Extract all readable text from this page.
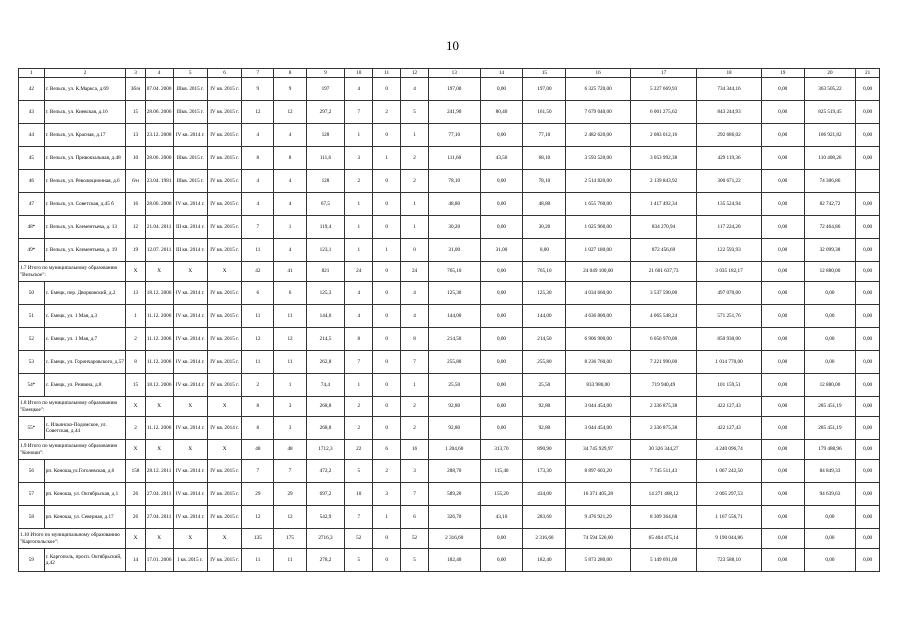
10
1	2	3	4	5	6	7	8	9	10	11	12	13	14	15	16	17	18	19	20	21
42	г. Вельск, ул. К.Маркса, д.69	3б/н	07.04. 2000	IIIкв. 2015 г.	IV кв. 2015 г.	9	9	197	4	0	4	197,00	0,00	197,00	6 325 720,00	5 227 669,93	734 344,16	0,00	363 505,22	0,00
43	г. Вельск, ул. Киевская, д.16	15	28.06. 2006	IIIкв. 2015 г.	IV кв. 2015 г.	12	12	297,2	7	2	5	241,90	80,40	161,50	7 679 040,00	6 001 275,62	843 244,93	0,00	825 519,45	0,00
44	г. Вельск, ул. Красная, д.17	13	23.12. 2008	IV кв. 2014 г.	IV кв. 2015 г.	4	4	128	1	0	1	77,10	0,00	77,10	2 482 620,00	2 083 012,16	292 686,02	0,00	106 921,82	0,00
45	г. Вельск, ул. Привокзальная, д.48	10	28.06. 2000	IIIкв. 2015 г.	IV кв. 2015 г.	8	8	111,6	3	1	2	111,60	43,50	68,10	3 593 520,00	3 053 992,38	429 119,36	0,00	110 408,26	0,00
46	г. Вельск, ул. Революционная, д.6	6/н	23.04. 1981	IIIкв. 2015 г.	IV кв. 2015 г.	4	4	128	2	0	2	78,10	0,00	78,10	2 514 820,00	2 139 843,92	300 671,22	0,00	74 306,86	
47	г. Вельск, ул. Советская, д.45 б	16	28.06. 2006	IV кв. 2014 г.	IV кв. 2015 г.	4	4	67,5	1	0	1	48,80	0,00	48,80	1 655 760,00	1 417 492,34	135 524,94	0,00	82 742,72	0,00
48*	г. Вельск, ул. Клементьева, д. 13	12	21.04. 2011	III кв. 2014 г.	IV кв. 2015 г.	7	1	119,4	1	0	1	30,20	0,00	30,20	1 025 960,00	834 270,94	117 224,20	0,00	72 464,86	0,00
49*	г. Вельск, ул. Клементьева, д. 19	19	12.07. 2011	III кв. 2014 г.	IV кв. 2015 г.	11	4	123,1	1	1	0	31,00	31,00	0,00	1 027 180,00	872 456,69	122 593,93	0,00	32 099,38	0,00
1.7 Итого по муниципальному образованию "Вельское":		X	X	X	X	42	41	821	24	0	24	765,10	0,00	765,10	24 049 100,00	21 601 637,73	3 035 182,17	0,00	12 880,00	0,00
50	с. Емецк, пер. Дворковский, д.2	13	18.12. 2006	IV кв. 2014 г.	IV кв. 2015 г.	6	6	125,3	4	0	4	125,30	0,00	125,30	4 034 660,00	3 537 590,00	497 070,00	0,00	0,00	0,00
51	с. Емецк, ул. 1 Мая, д.3	1	11.12. 2006	IV кв. 2014 г.	IV кв. 2015 г.	11	11	144,0	4	0	4	144,00	0,00	144,00	4 636 800,00	4 065 548,24	571 251,76	0,00	0,00	0,00
52	с. Емецк, ул. 1 Мая, д.7	2	11.12. 2006	IV кв. 2014 г.	IV кв. 2015 г.	12	12	214,5	8	0	8	214,50	0,00	214,50	6 906 900,00	6 056 970,00	850 930,00	0,00	0,00	0,00
53	с. Емецк, ул. Горончаровского, д.57	8	11.12. 2006	IV кв. 2014 г.	IV кв. 2015 г.	11	11	262,8	7	0	7	255,80	0,00	255,80	8 236 760,00	7 221 990,00	1 014 770,00	0,00	0,00	0,00
54*	с. Емецк, ул. Резвина, д.8	15	18.12. 2006	IV кв. 2014 г.	IV кв. 2015 г.	2	1	74,4	1	0	1	25,50	0,00	25,50	833 980,00	719 940,49	101 159,51	0,00	12 880,00	0,00
1.8 Итого по муниципальному образованию "Емецкое":		X	X	X	X	8	3	268,8	2	0	2	92,80	0,00	92,80	3 044 454,00	2 336 875,38	422 127,43	0,00	285 451,19	0,00
55*	с. Ильинско-Подомское, ул. Советская, д.44	2	11.12. 2006	IV кв. 2014 г.	IV кв. 2014 г.	8	3	268,8	2	0	2	92,80	0,00	92,80	3 044 454,00	2 336 875,38	422 127,43	0,00	285 451,19	0,00
1.9 Итого по муниципальному образованию "Коноши":		X	X	X	X	48	48	1712,3	22	6	16	1 204,60	313,70	890,90	34 745 929,97	30 326 344,27	4 240 096,74	0,00	179 488,96	0,00
56	рп. Коноша,ул.Гоголевская, д.6	158	28.12. 2011	IV кв. 2014 г.	IV кв. 2015 г.	7	7	472,2	5	2	3	288,70	115,40	173,30	8 897 603,20	7 745 511,43	1 067 242,50	0,00	84 849,33	0,00
57	рп. Коноша, ул. Октябрьская, д.1	26	27.04. 2011	IV кв. 2014 г.	IV кв. 2015 г.	29	29	697,2	10	3	7	589,20	155,20	434,00	16 371 405,28	14 271 468,12	2 005 297,53	0,00	94 639,63	0,00
58	рп. Коноша, ул. Северная, д.17	26	27.04. 2011	IV кв. 2014 г.	IV кв. 2015 г.	12	12	542,9	7	1	6	326,70	43,10	283,60	9 476 921,29	8 309 364,68	1 167 556,71	0,00	0,00	0,00
1.10 Итого по муниципальному образованию "Каргопольское":		X	X	X	X	135	175	2716,3	52	0	52	2 316,60	0,00	2 316,60	74 594 520,00	65 404 475,14	9 190 044,86	0,00	0,00	0,00
59	г. Каргополь, просп. Октябрьский, д.42	14	17.01. 2006	I кв. 2015 г.	IV кв. 2015 г.	11	11	278,2	5	0	5	182,40	0,00	182,40	5 873 280,00	5 149 691,00	723 588,10	0,00	0,00	0,00
